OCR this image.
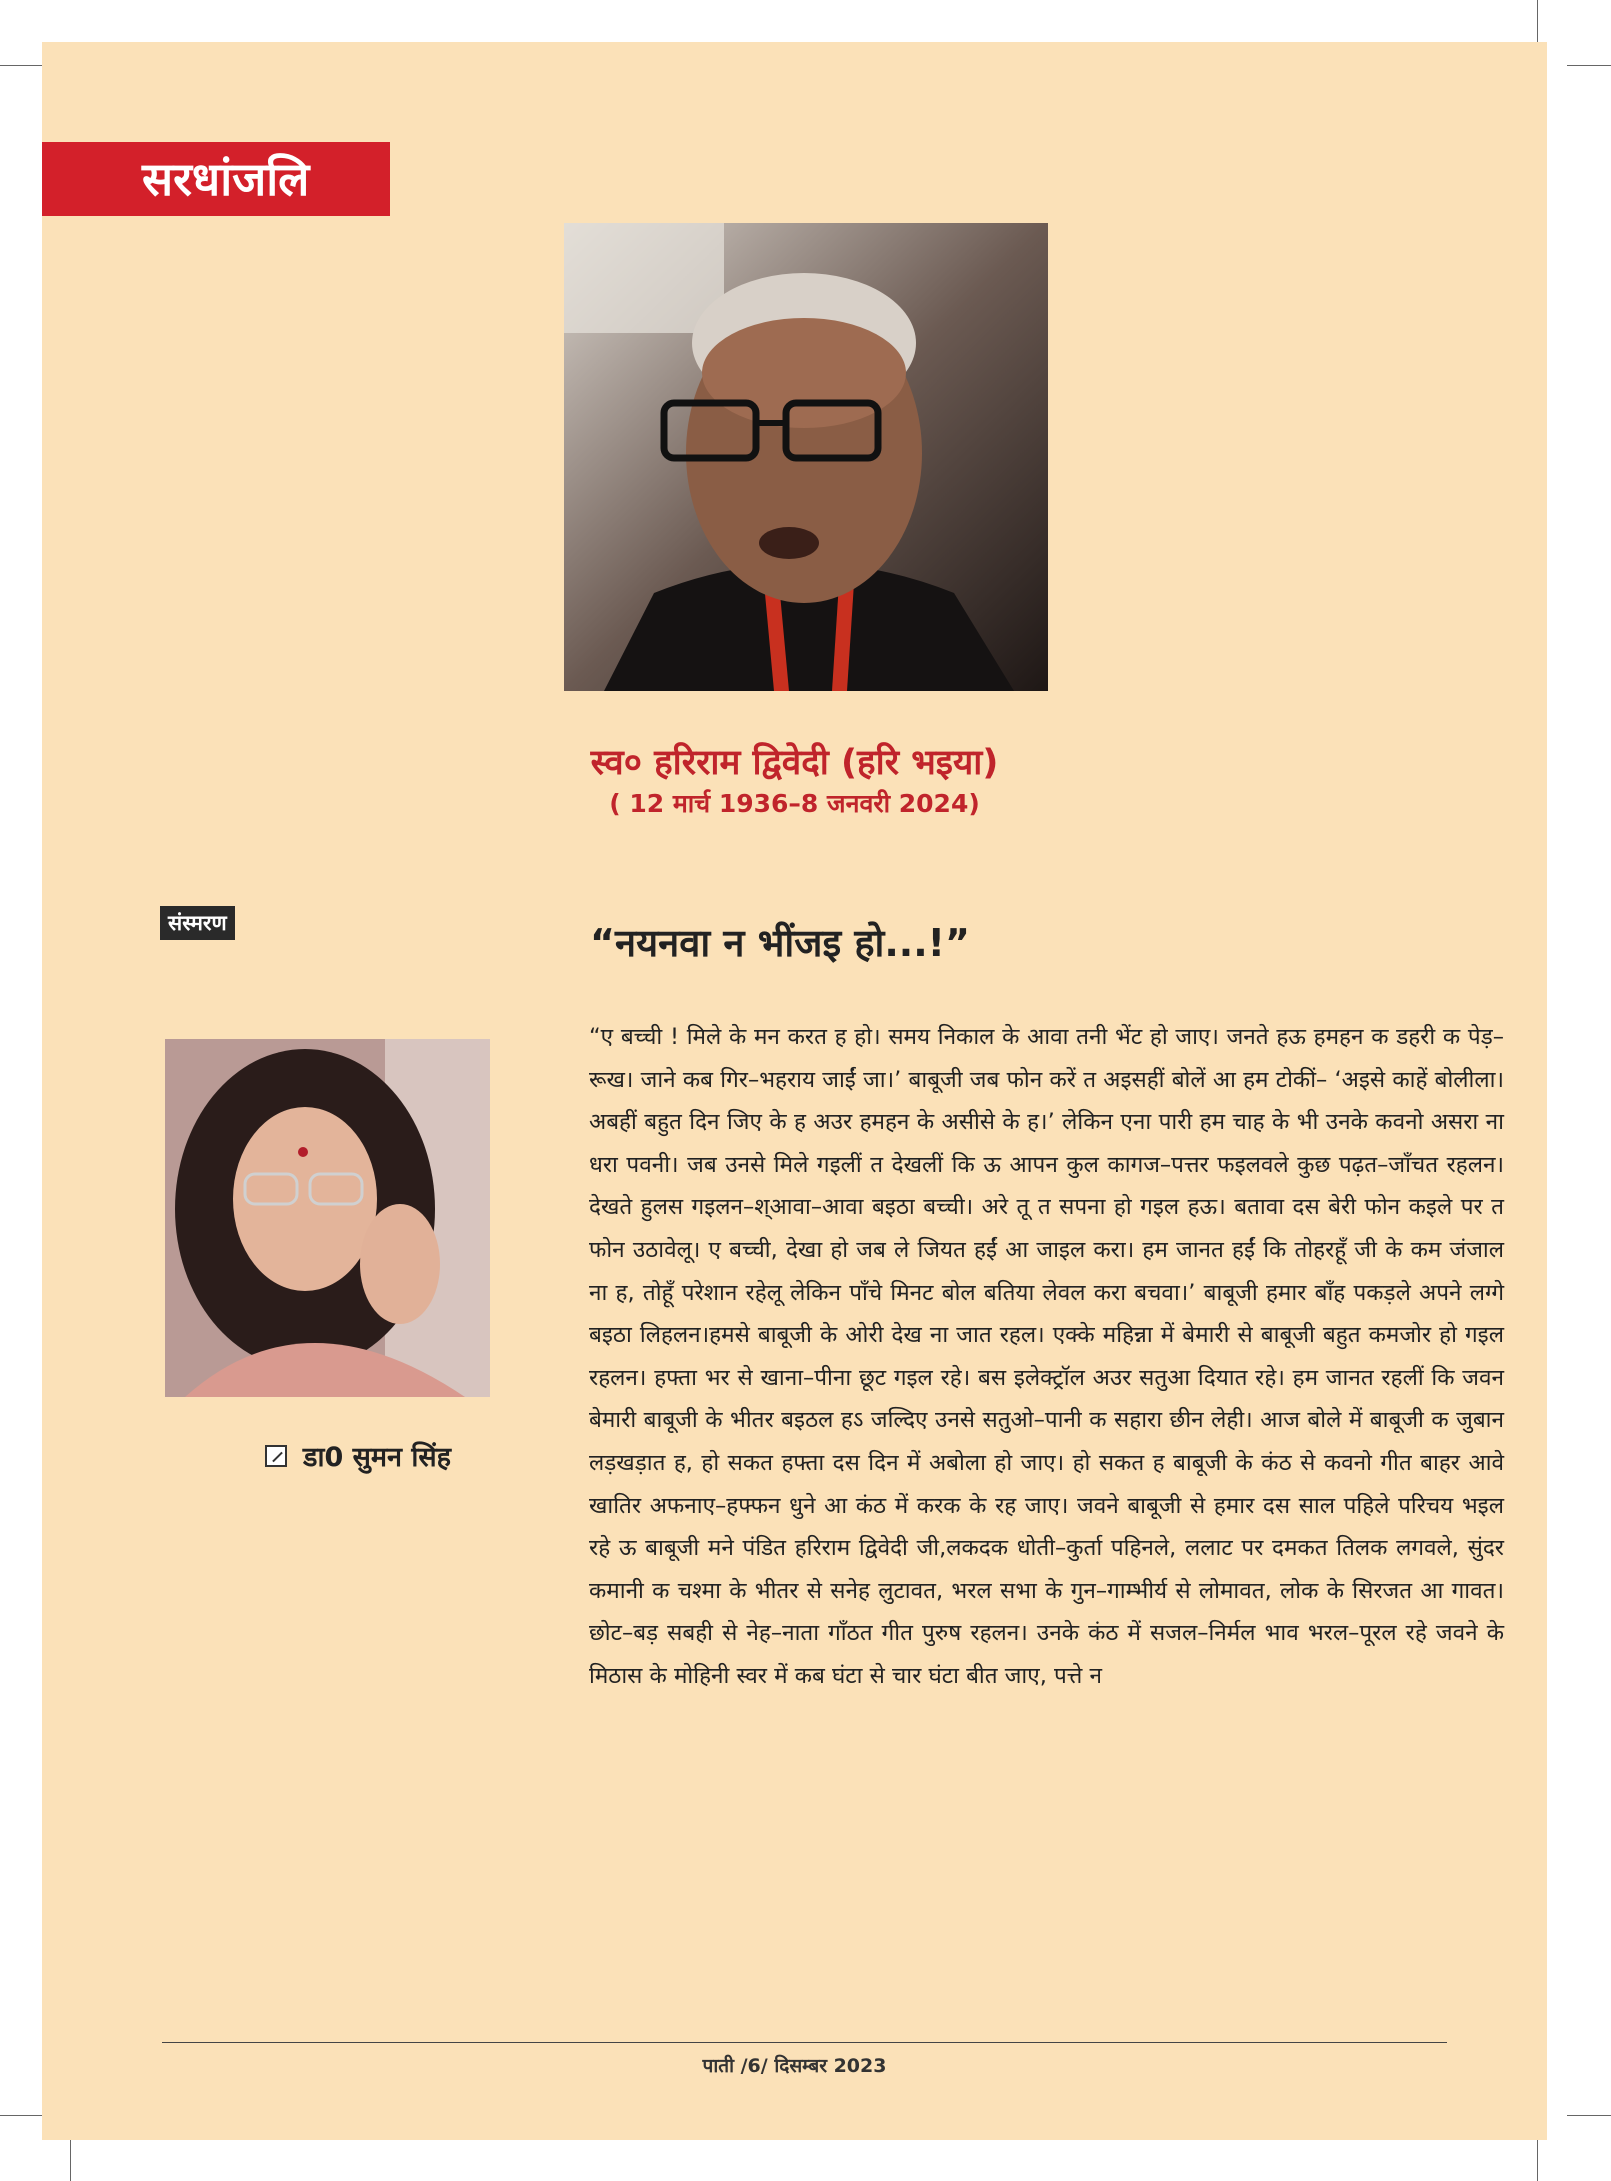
सरधांजलि
स्व० हरिराम द्विवेदी (हरि भइया)
( 12 मार्च 1936–8 जनवरी 2024)
संस्मरण	“नयनवा न भींजइ हो...!”
डा0 सुमन सिंह

“ए बच्ची ! मिले के मन करत ह हो। समय निकाल के आवा तनी भेंट हो जाए। जनते हऊ हमहन क डहरी क पेड़–रूख। जाने कब गिर–भहराय जाईं जा।’ बाबूजी जब फोन करें त अइसहीं बोलें आ हम टोकीं– ‘अइसे काहें बोलीला। अबहीं बहुत दिन जिए के ह अउर हमहन के असीसे के ह।’ लेकिन एना पारी हम चाह के भी उनके कवनो असरा ना धरा पवनी। जब उनसे मिले गइलीं त देखलीं कि ऊ आपन कुल कागज–पत्तर फइलवले कुछ पढ़त–जाँचत रहलन। देखते हुलस गइलन–श्आवा–आवा बइठा बच्ची। अरे तू त सपना हो गइल हऊ। बतावा दस बेरी फोन कइले पर त फोन उठावेलू। ए बच्ची, देखा हो जब ले जियत हईं आ जाइल करा। हम जानत हईं कि तोहरहूँ जी के कम जंजाल ना ह, तोहूँ परेशान रहेलू लेकिन पाँचे मिनट बोल बतिया लेवल करा बचवा।’ बाबूजी हमार बाँह पकड़ले अपने लग्गे बइठा लिहलन।हमसे बाबूजी के ओरी देख ना जात रहल। एक्के महिन्ना में बेमारी से बाबूजी बहुत कमजोर हो गइल रहलन। हफ्ता भर से खाना–पीना छूट गइल रहे। बस इलेक्ट्रॉल अउर सतुआ दियात रहे। हम जानत रहलीं कि जवन बेमारी बाबूजी के भीतर बइठल हऽ जल्दिए उनसे सतुओ–पानी क सहारा छीन लेही। आज बोले में बाबूजी क जुबान लड़खड़ात ह, हो सकत हफ्ता दस दिन में अबोला हो जाए। हो सकत ह बाबूजी के कंठ से कवनो गीत बाहर आवे खातिर अफनाए–हफ्फन धुने आ कंठ में करक के रह जाए। जवने बाबूजी से हमार दस साल पहिले परिचय भइल रहे ऊ बाबूजी मने पंडित हरिराम द्विवेदी जी,लकदक धोती–कुर्ता पहिनले, ललाट पर दमकत तिलक लगवले, सुंदर कमानी क चश्मा के भीतर से सनेह लुटावत, भरल सभा के गुन–गाम्भीर्य से लोमावत, लोक के सिरजत आ गावत। छोट–बड़ सबही से नेह–नाता गाँठत गीत पुरुष रहलन। उनके कंठ में सजल–निर्मल भाव भरल–पूरल रहे जवने के मिठास के मोहिनी स्वर में कब घंटा से चार घंटा बीत जाए, पत्ते न

पाती /6/ दिसम्बर 2023
